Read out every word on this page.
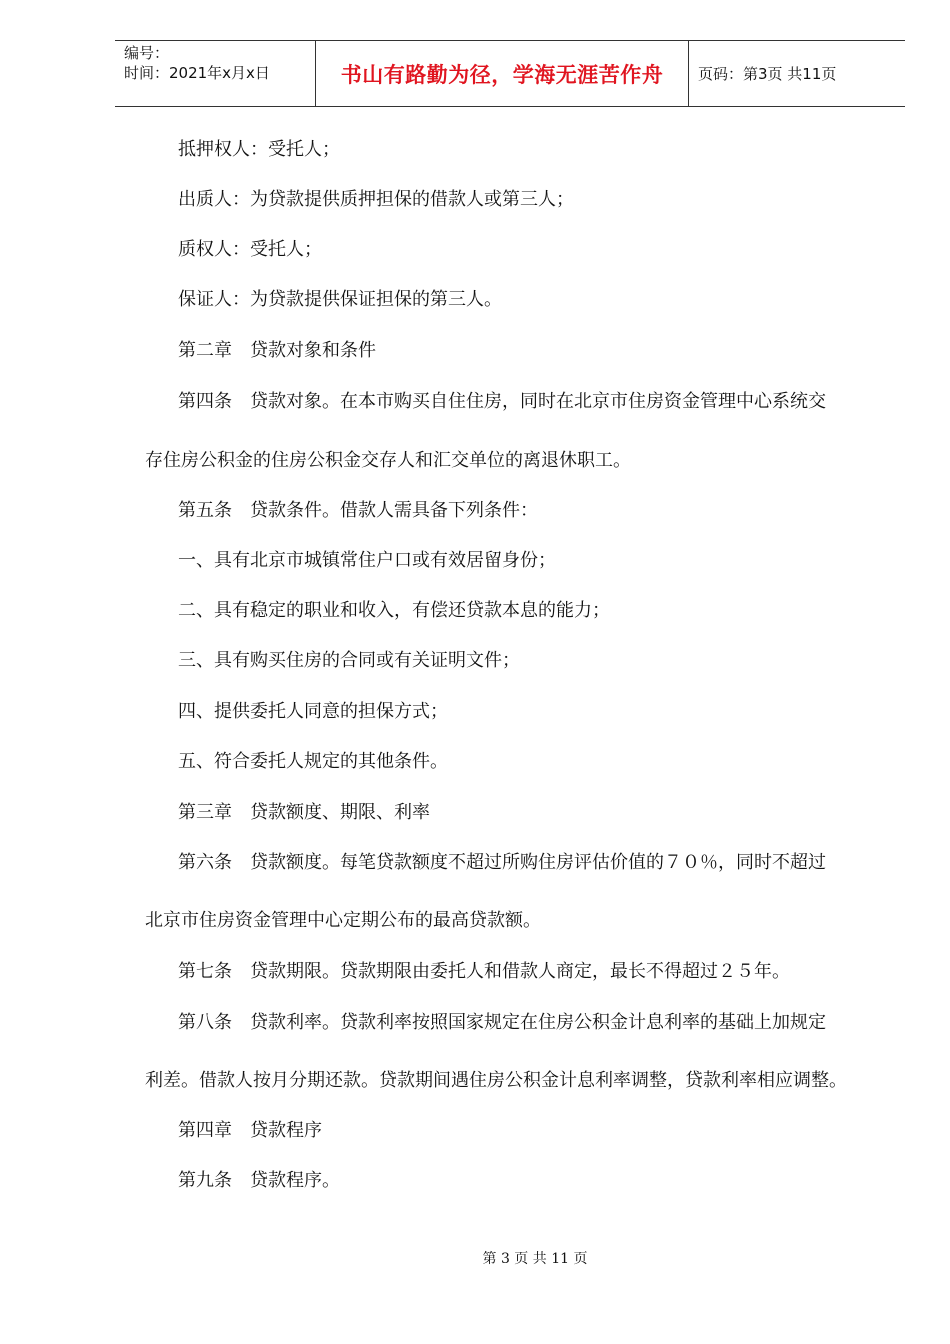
编号：
时间：2021年x月x日	书山有路勤为径，学海无涯苦作舟	页码：第3页 共11页
抵押权人：受托人；
出质人：为贷款提供质押担保的借款人或第三人；
质权人：受托人；
保证人：为贷款提供保证担保的第三人。
第二章　贷款对象和条件
第四条　贷款对象。在本市购买自住住房，同时在北京市住房资金管理中心系统交
存住房公积金的住房公积金交存人和汇交单位的离退休职工。
第五条　贷款条件。借款人需具备下列条件：
一、具有北京市城镇常住户口或有效居留身份；
二、具有稳定的职业和收入，有偿还贷款本息的能力；
三、具有购买住房的合同或有关证明文件；
四、提供委托人同意的担保方式；
五、符合委托人规定的其他条件。
第三章　贷款额度、期限、利率
第六条　贷款额度。每笔贷款额度不超过所购住房评估价值的７０％，同时不超过
北京市住房资金管理中心定期公布的最高贷款额。
第七条　贷款期限。贷款期限由委托人和借款人商定，最长不得超过２５年。
第八条　贷款利率。贷款利率按照国家规定在住房公积金计息利率的基础上加规定
利差。借款人按月分期还款。贷款期间遇住房公积金计息利率调整，贷款利率相应调整。
第四章　贷款程序
第九条　贷款程序。
第 3 页 共 11 页
